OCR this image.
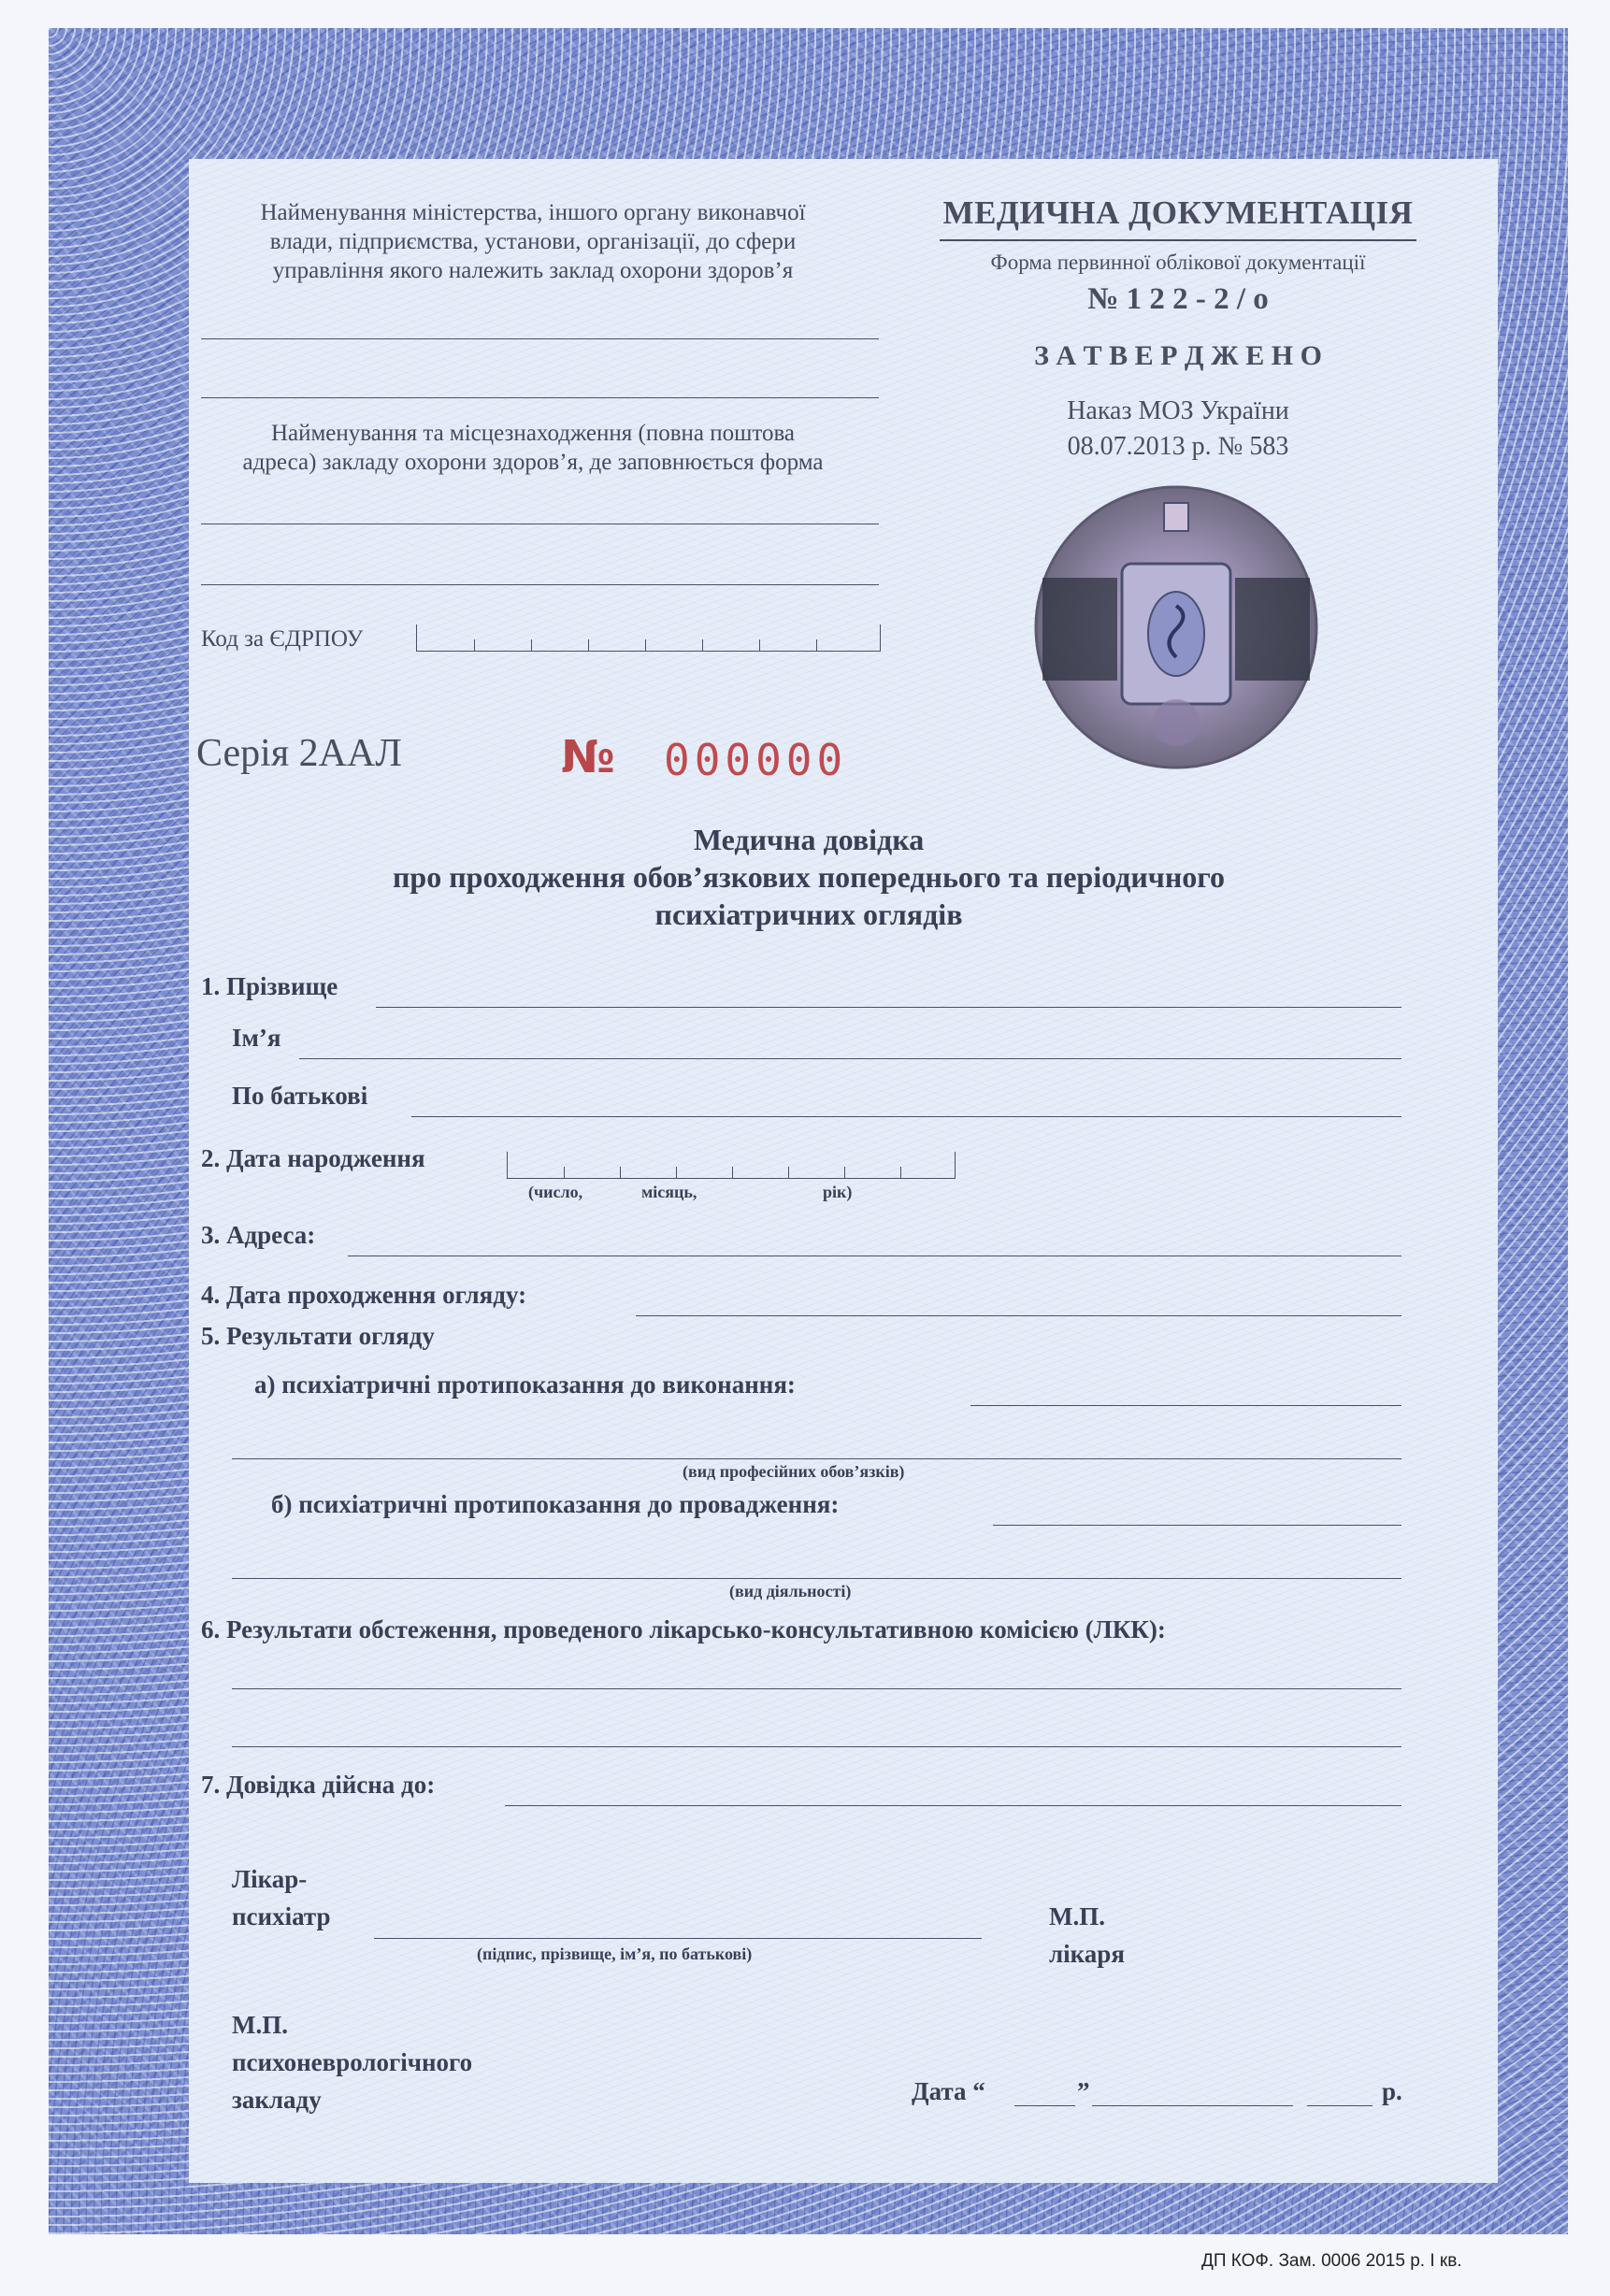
Найменування міністерства, іншого органу виконавчої
влади, підприємства, установи, організації, до сфери
управління якого належить заклад охорони здоров’я
Найменування та місцезнаходження (повна поштова
адреса) закладу охорони здоров’я, де заповнюється форма
Код за ЄДРПОУ
МЕДИЧНА ДОКУМЕНТАЦІЯ
Форма первинної облікової документації
№ 1 2 2 - 2 / о
З А Т В Е Р Д Ж Е Н О
Наказ МОЗ України
08.07.2013 р. № 583
Серія 2ААЛ	№ 000000
Медична довідка
про проходження обов’язкових попереднього та періодичного
психіатричних оглядів
1. Прізвище
Ім’я
По батькові
2. Дата народження
(число,	місяць,	рік)
3. Адреса:
4. Дата проходження огляду:
5. Результати огляду
а) психіатричні протипоказання до виконання:
(вид професійних обов’язків)
б) психіатричні протипоказання до провадження:
(вид діяльності)
6. Результати обстеження, проведеного лікарсько-консультативною комісією (ЛКК):
7. Довідка дійсна до:
Лікар-
психіатр
(підпис, прізвище, ім’я, по батькові)
М.П.
лікаря
М.П.
психоневрологічного
закладу	Дата “	”	р.
ДП КОФ. Зам. 0006 2015 р. І кв.
